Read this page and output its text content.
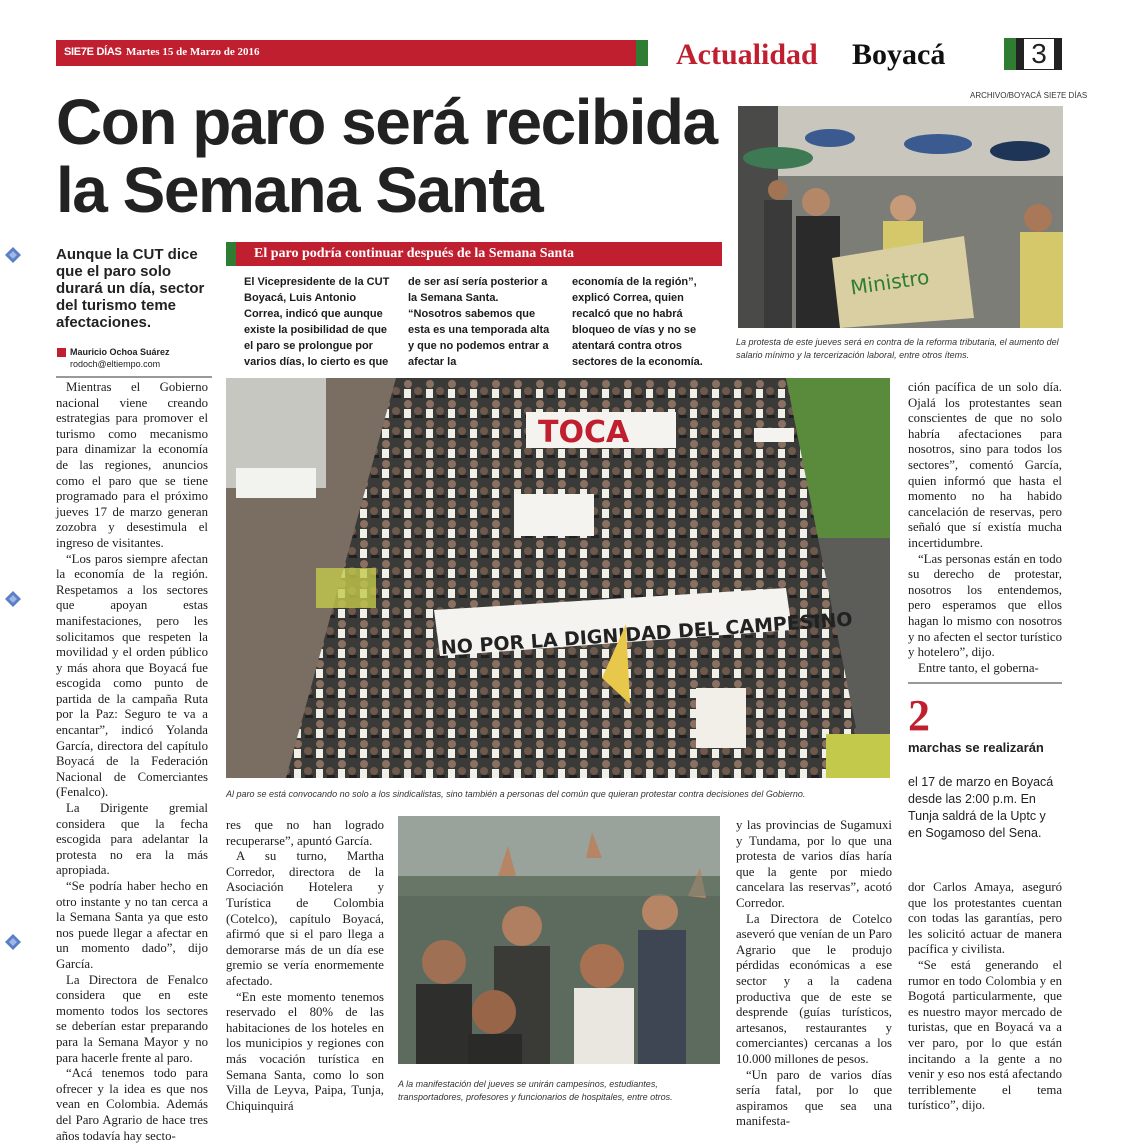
SIE7E DÍAS Martes 15 de Marzo de 2016	Actualidad Boyacá	3
ARCHIVO/BOYACÁ SIE7E DÍAS
Con paro será recibida
la Semana Santa
Aunque la CUT dice que el paro solo durará un día, sector del turismo teme afectaciones.
Mauricio Ochoa Suárez
rodoch@eltiempo.com
El paro podría continuar después de la Semana Santa
El Vicepresidente de la CUT Boyacá, Luis Antonio Correa, indicó que aunque existe la posibilidad de que el paro se prolongue por varios días, lo cierto es que
de ser así sería posterior a la Semana Santa. “Nosotros sabemos que esta es una temporada alta y que no podemos entrar a afectar la
economía de la región”, explicó Correa, quien recalcó que no habrá bloqueo de vías y no se atentará contra otros sectores de la economía.
Ministro
La protesta de este jueves será en contra de la reforma tributaria, el aumento del salario mínimo y la tercerización laboral, entre otros ítems.
TOCA
NO POR LA DIGNIDAD DEL CAMPESINO
Al paro se está convocando no solo a los sindicalistas, sino también a personas del común que quieran protestar contra decisiones del Gobierno.
A la manifestación del jueves se unirán campesinos, estudiantes, transportadores, profesores y funcionarios de hospitales, entre otros.

Mientras el Gobierno nacional viene creando estrategias para promover el turismo como mecanismo para dinamizar la economía de las regiones, anuncios como el paro que se tiene programado para el próximo jueves 17 de marzo generan zozobra y desestimula el ingreso de visitantes.

“Los paros siempre afectan la economía de la región. Respetamos a los sectores que apoyan estas manifestaciones, pero les solicitamos que respeten la movilidad y el orden público y más ahora que Boyacá fue escogida como punto de partida de la campaña Ruta por la Paz: Seguro te va a encantar”, indicó Yolanda García, directora del capítulo Boyacá de la Federación Nacional de Comerciantes (Fenalco).

La Dirigente gremial considera que la fecha escogida para adelantar la protesta no era la más apropiada.

“Se podría haber hecho en otro instante y no tan cerca a la Semana Santa ya que esto nos puede llegar a afectar en un momento dado”, dijo García.

La Directora de Fenalco considera que en este momento todos los sectores se deberían estar preparando para la Semana Mayor y no para hacerle frente al paro.

“Acá tenemos todo para ofrecer y la idea es que nos vean en Colombia. Además del Paro Agrario de hace tres años todavía hay secto-

res que no han logrado recuperarse”, apuntó García.

A su turno, Martha Corredor, directora de la Asociación Hotelera y Turística de Colombia (Cotelco), capítulo Boyacá, afirmó que si el paro llega a demorarse más de un día ese gremio se vería enormemente afectado.

“En este momento tenemos reservado el 80% de las habitaciones de los hoteles en los municipios y regiones con más vocación turística en Semana Santa, como lo son Villa de Leyva, Paipa, Tunja, Chiquinquirá

y las provincias de Sugamuxi y Tundama, por lo que una protesta de varios días haría que la gente por miedo cancelara las reservas”, acotó Corredor.

La Directora de Cotelco aseveró que venían de un Paro Agrario que le produjo pérdidas económicas a ese sector y a la cadena productiva que de este se desprende (guías turísticos, artesanos, restaurantes y comerciantes) cercanas a los 10.000 millones de pesos.

“Un paro de varios días sería fatal, por lo que aspiramos que sea una manifesta-

ción pacífica de un solo día. Ojalá los protestantes sean conscientes de que no solo habría afectaciones para nosotros, sino para todos los sectores”, comentó García, quien informó que hasta el momento no ha habido cancelación de reservas, pero señaló que sí existía mucha incertidumbre.

“Las personas están en todo su derecho de protestar, nosotros los entendemos, pero esperamos que ellos hagan lo mismo con nosotros y no afecten el sector turístico y hotelero”, dijo.

Entre tanto, el goberna-

2
marchas se realizarán
el 17 de marzo en Boyacá desde las 2:00 p.m. En Tunja saldrá de la Uptc y en Sogamoso del Sena.

dor Carlos Amaya, aseguró que los protestantes cuentan con todas las garantías, pero les solicitó actuar de manera pacífica y civilista.

“Se está generando el rumor en todo Colombia y en Bogotá particularmente, que es nuestro mayor mercado de turistas, que en Boyacá va a ver paro, por lo que están incitando a la gente a no venir y eso nos está afectando terriblemente el tema turístico”, dijo.
